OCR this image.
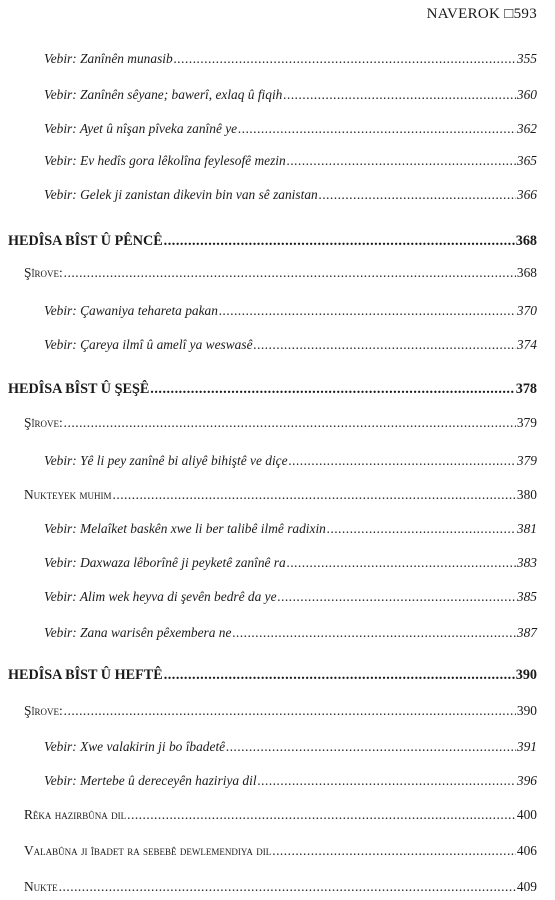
NAVEROK □593
Vebir: Zanînên munasib .....	355
Vebir: Zanînên sêyane; bawerî, exlaq û fiqih .....	360
Vebir: Ayet û nîşan pîveka zanînê ye .....	362
Vebir: Ev hedîs gora lêkolîna feylesofê mezin .....	365
Vebir: Gelek ji zanistan dikevin bin van sê zanistan .....	366
HEDÎSA BÎST Û PÊNCÊ .....	368
Şîrove: .....	368
Vebir: Çawaniya tehareta pakan .....	370
Vebir: Çareya ilmî û amelî ya weswasê .....	374
HEDÎSA BÎST Û ŞEŞÊ .....	378
Şîrove: .....	379
Vebir: Yê li pey zanînê bi aliyê bihiştê ve diçe .....	379
Nukteyek muhim .....	380
Vebir: Melaîket baskên xwe li ber talibê ilmê radixin .....	381
Vebir: Daxwaza lêborînê ji peyketê zanînê ra .....	383
Vebir: Alim wek heyva di şevên bedrê da ye .....	385
Vebir: Zana warisên pêxembera ne .....	387
HEDÎSA BÎST Û HEFTÊ .....	390
Şîrove: .....	390
Vebir: Xwe valakirin ji bo îbadetê .....	391
Vebir: Mertebe û dereceyên haziriya dil .....	396
Rêka hazirbûna dil .....	400
Valabûna ji îbadet ra sebebê dewlemendiya dil .....	406
Nukte .....	409
